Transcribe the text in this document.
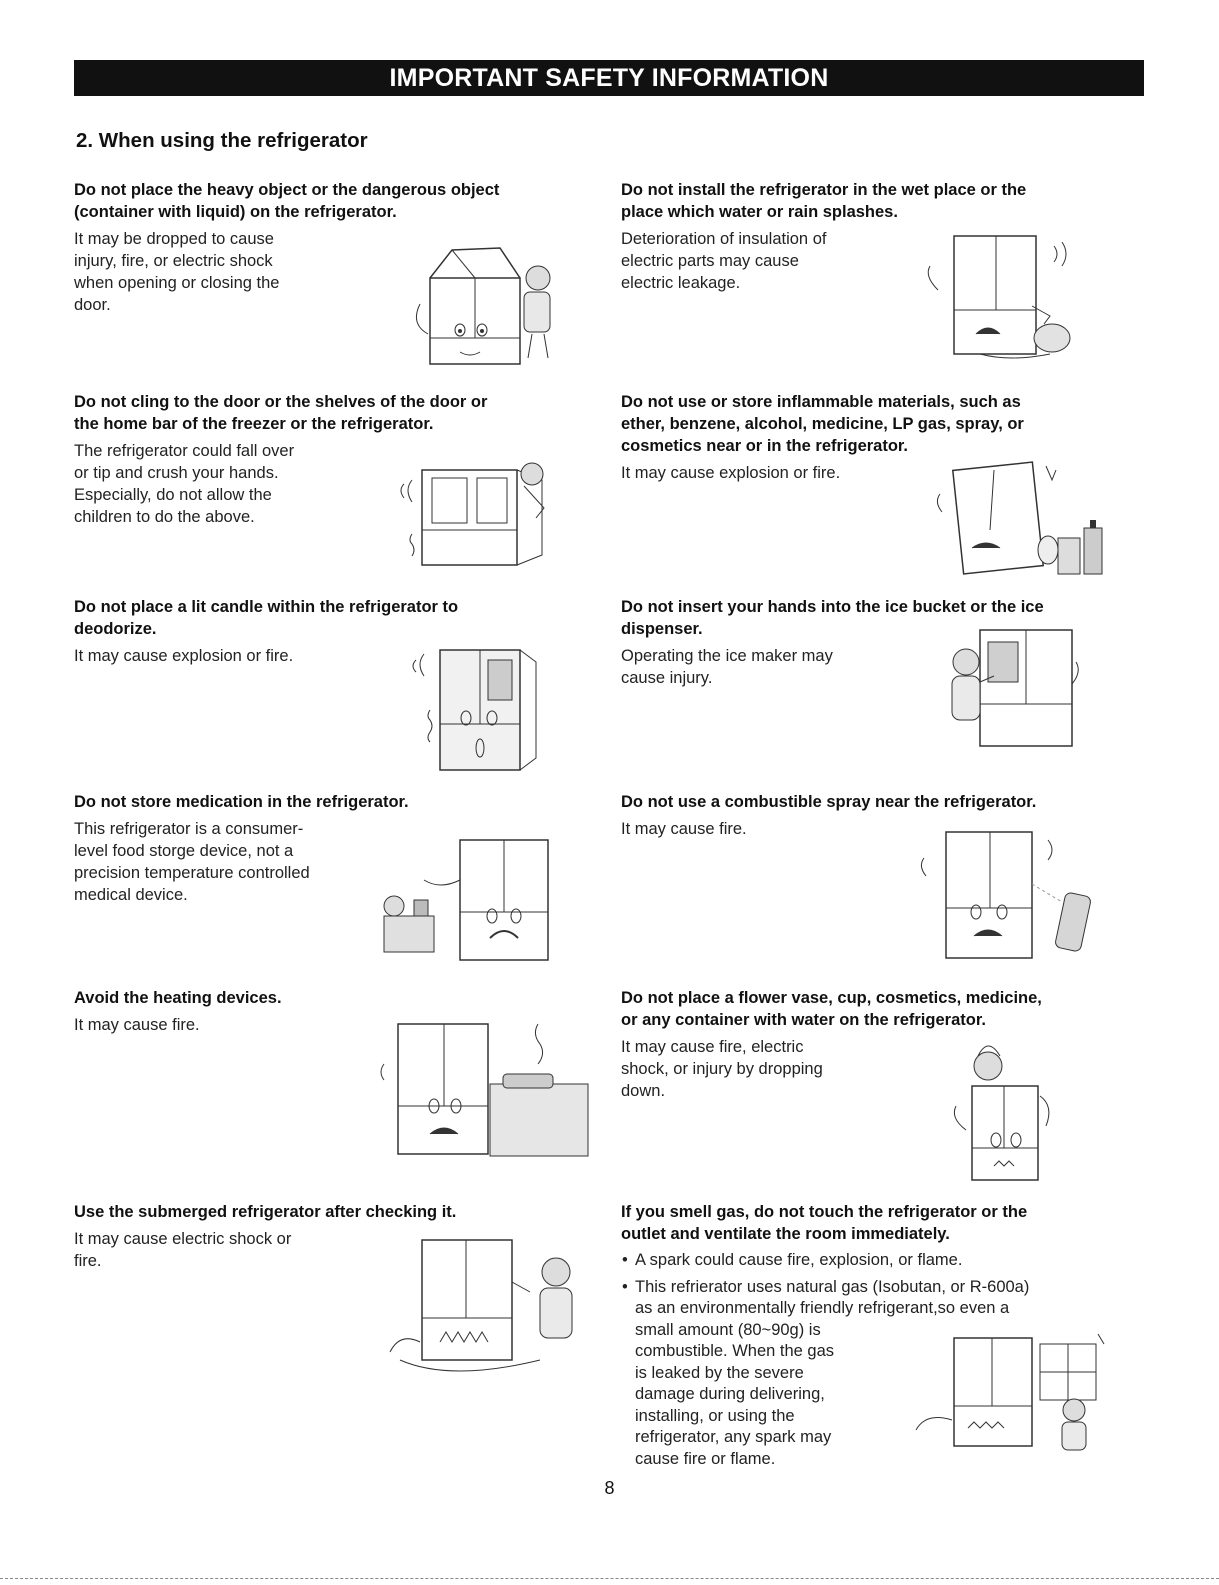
IMPORTANT SAFETY INFORMATION
2. When using the refrigerator
Do not place the heavy object or the dangerous object
(container with liquid) on the refrigerator.
It may be dropped to cause
injury, fire, or electric shock
when opening or closing the
door.
Do not cling to the door or the shelves of the door or
the home bar of the freezer or the refrigerator.
The refrigerator could fall over
or tip and crush your hands.
Especially, do not allow the
children to do the above.
Do not place a lit candle within the refrigerator to
deodorize.
It may cause explosion or fire.
Do not store medication in the refrigerator.
This refrigerator is a consumer-
level food storge device, not a
precision temperature controlled
medical device.
Avoid the heating devices.
It may cause fire.
Use the submerged refrigerator after checking it.
It may cause electric shock or
fire.
Do not install the refrigerator in the wet place or the
place which water or rain splashes.
Deterioration of insulation of
electric parts may cause
electric leakage.
Do not use or store inflammable materials, such as
ether, benzene, alcohol, medicine, LP gas, spray, or
cosmetics near or in the refrigerator.
It may cause explosion or fire.
Do not insert your hands into the ice bucket or the ice
dispenser.
Operating the ice maker may
cause injury.
Do not use a combustible spray near the refrigerator.
It may cause fire.
Do not place a flower vase, cup, cosmetics, medicine,
or any container with water on the refrigerator.
It may cause fire, electric
shock, or injury by dropping
down.
If you smell gas, do not touch the refrigerator or the
outlet and ventilate the room immediately.
• A spark could cause fire, explosion, or flame.
• This refrierator uses natural gas (Isobutan, or R-600a)
as an environmentally friendly refrigerant,so even a
small amount (80~90g) is
combustible. When the gas
is leaked by the severe
damage during delivering,
installing, or using the
refrigerator, any spark may
cause fire or flame.
8
